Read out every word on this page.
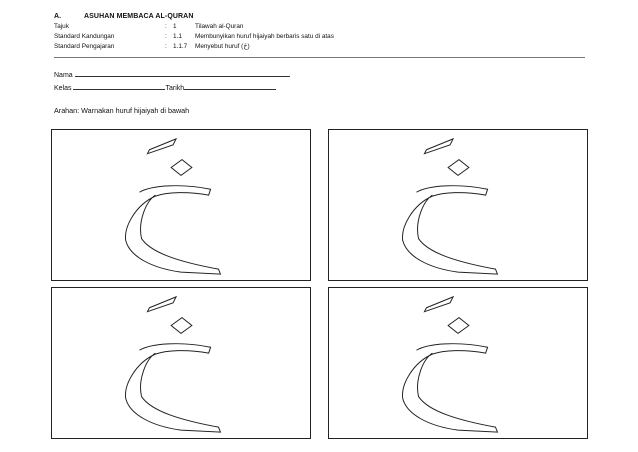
A.	ASUHAN MEMBACA AL-QURAN
Tajuk	: 1	Tilawah al-Quran
Standard Kandungan	: 1.1	Membunyikan huruf hijaiyah berbaris satu di atas
Standard Pengajaran	: 1.1.7	Menyebut huruf (خَ)
Nama
Kelas	Tarikh
Arahan: Warnakan huruf hijaiyah di bawah
